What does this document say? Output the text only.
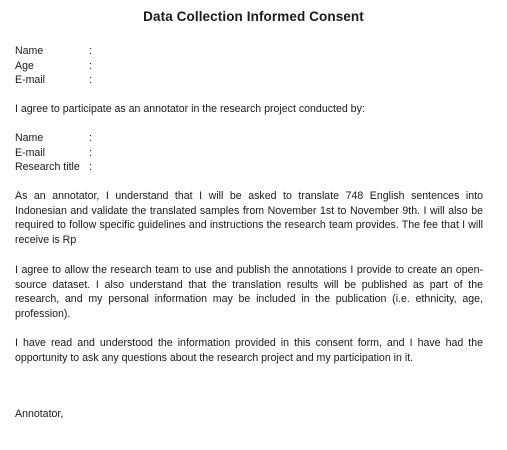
Data Collection Informed Consent
Name	:
Age	:
E-mail	:
I agree to participate as an annotator in the research project conducted by:
Name	:
E-mail	:
Research title :

As an annotator, I understand that I will be asked to translate 748 English sentences into Indonesian and validate the translated samples from November 1st to November 9th. I will also be required to follow specific guidelines and instructions the research team provides. The fee that I will receive is Rp

I agree to allow the research team to use and publish the annotations I provide to create an open-source dataset. I also understand that the translation results will be published as part of the research, and my personal information may be included in the publication (i.e. ethnicity, age, profession).

I have read and understood the information provided in this consent form, and I have had the opportunity to ask any questions about the research project and my participation in it.

Annotator,
